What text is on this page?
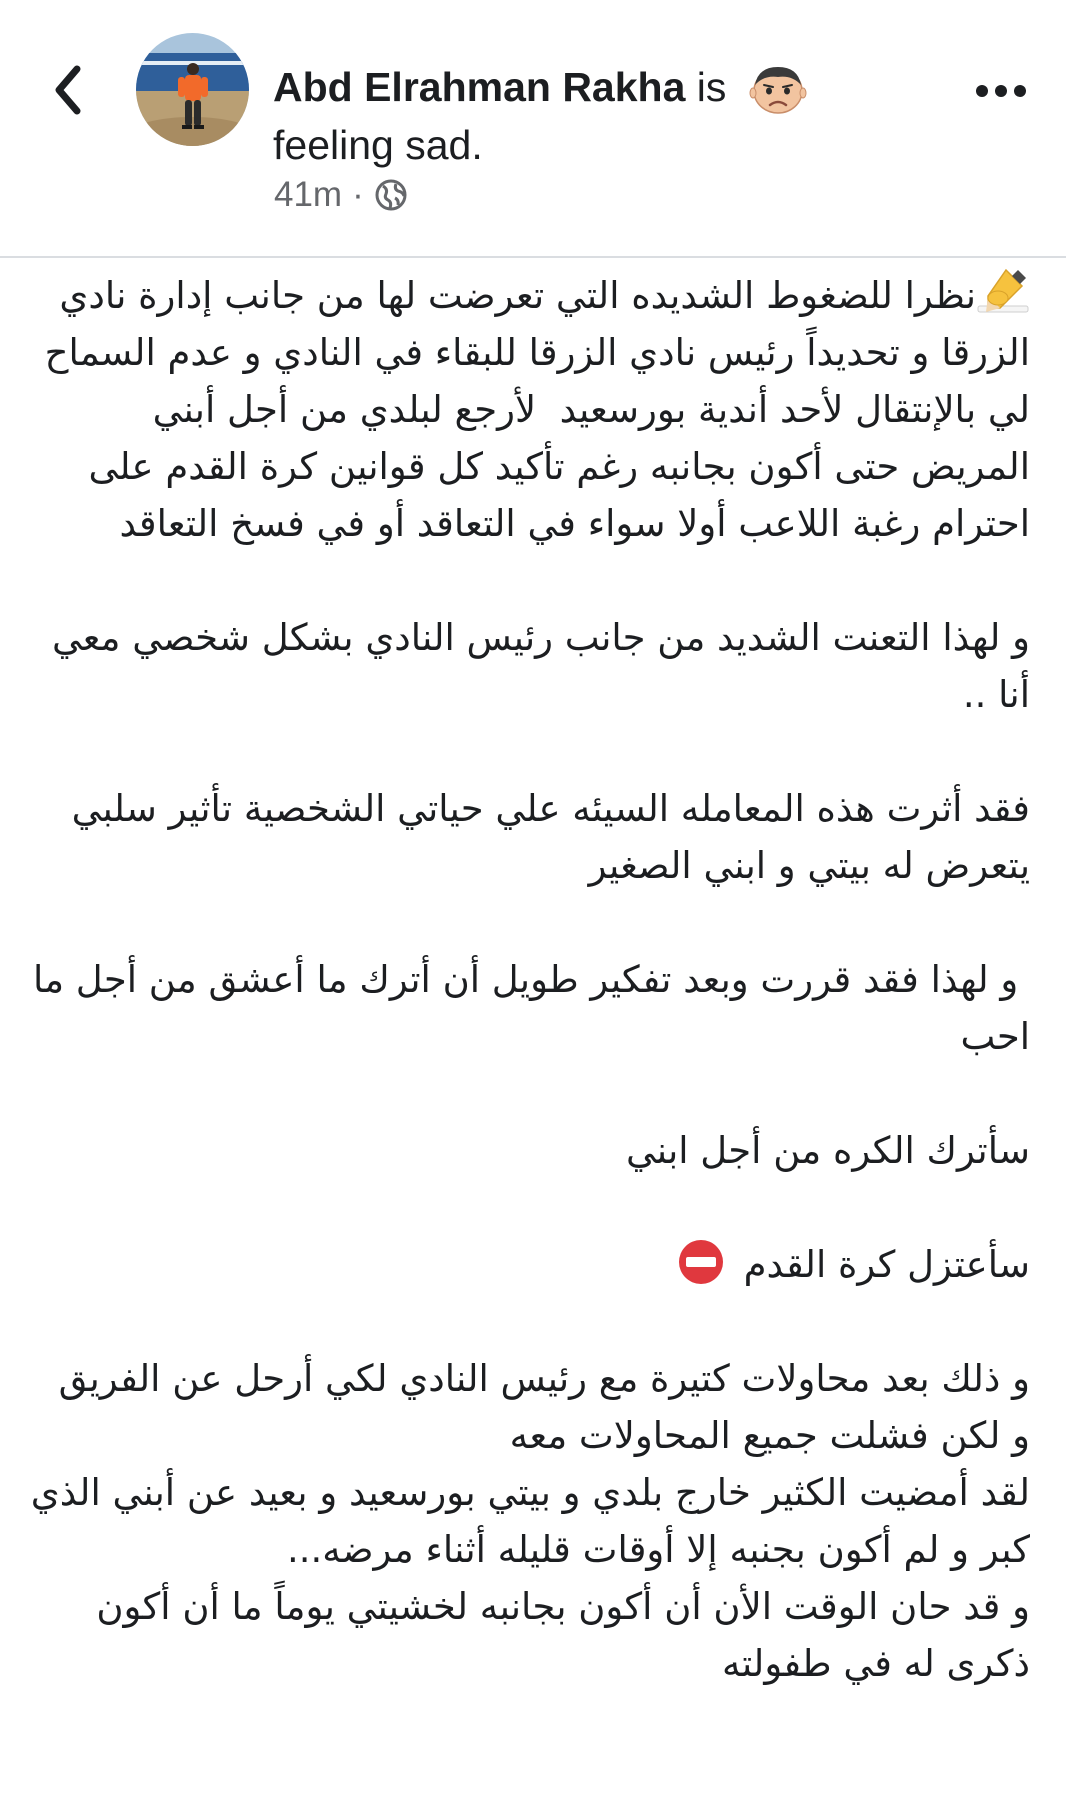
Abd Elrahman Rakha is
feeling sad.
41m ·

نظرا للضغوط الشديده التي تعرضت لها من جانب إدارة نادي الزرقا و تحديداً رئيس نادي الزرقا للبقاء في النادي و عدم السماح لي بالإنتقال لأحد أندية بورسعيد  لأرجع لبلدي من أجل أبني المريض حتى أكون بجانبه رغم تأكيد كل قوانين كرة القدم على احترام رغبة اللاعب أولا سواء في التعاقد أو في فسخ التعاقد

و لهذا التعنت الشديد من جانب رئيس النادي بشكل شخصي معي أنا ..

فقد أثرت هذه المعامله السيئه علي حياتي الشخصية تأثير سلبي يتعرض له بيتي و ابني الصغير

و لهذا فقد قررت وبعد تفكير طويل أن أترك ما أعشق من أجل ما احب

سأترك الكره من أجل ابني

سأعتزل كرة القدم

و ذلك بعد محاولات كتيرة مع رئيس النادي لكي أرحل عن الفريق  و لكن فشلت جميع المحاولات معه
لقد أمضيت الكثير خارج بلدي و بيتي بورسعيد و بعيد عن أبني الذي كبر و لم أكون بجنبه إلا أوقات قليله أثناء مرضه...
و قد حان الوقت الأن أن أكون بجانبه لخشيتي يوماً ما أن أكون ذكرى له في طفولته
